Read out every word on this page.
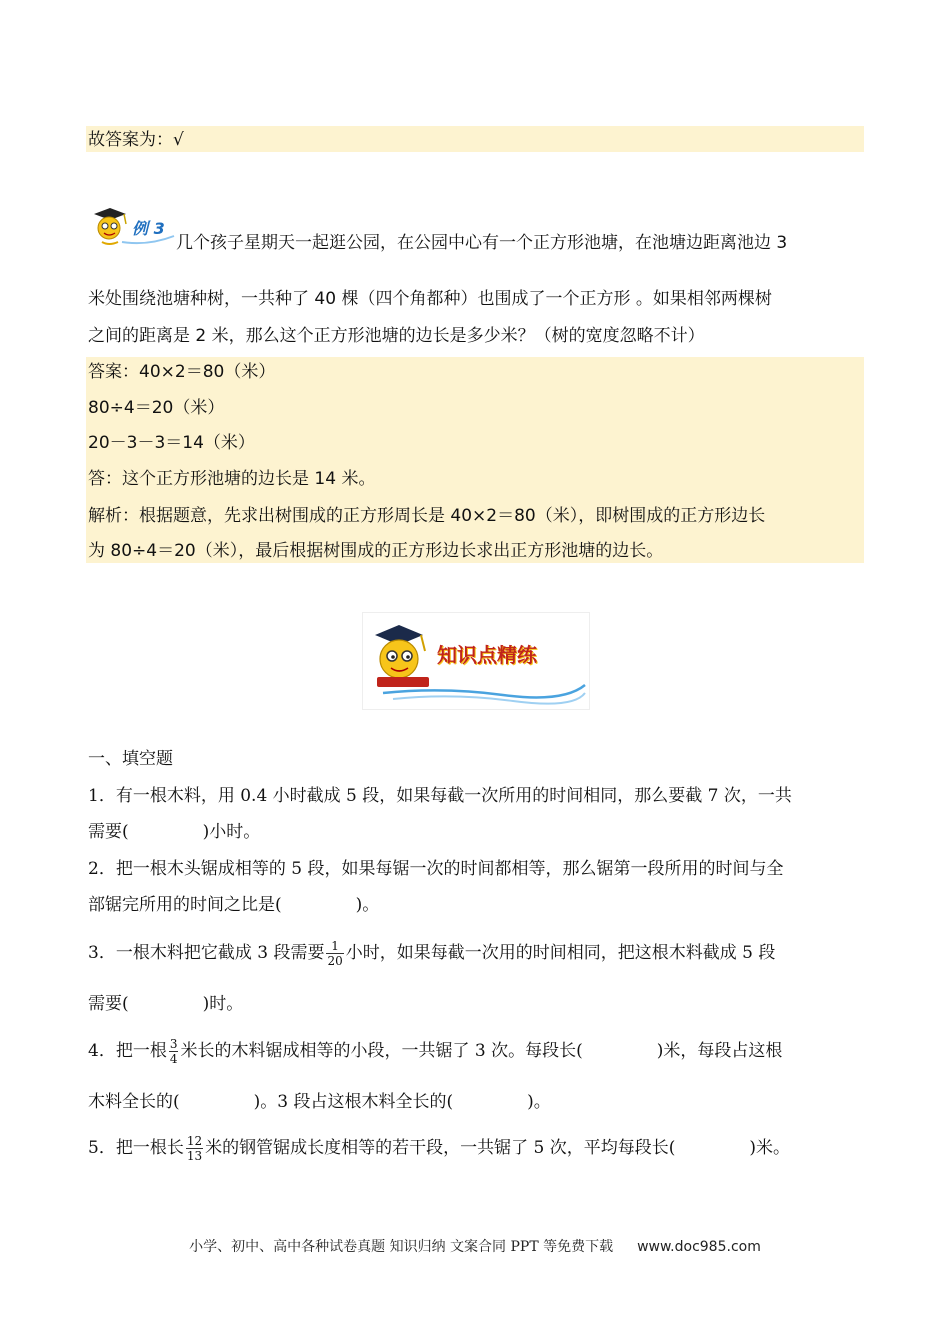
故答案为：√
例 3
几个孩子星期天一起逛公园，在公园中心有一个正方形池塘，在池塘边距离池边 3
米处围绕池塘种树，一共种了 40 棵（四个角都种）也围成了一个正方形 。如果相邻两棵树
之间的距离是 2 米，那么这个正方形池塘的边长是多少米？（树的宽度忽略不计）
答案：40×2＝80（米）
80÷4＝20（米）
20－3－3＝14（米）
答：这个正方形池塘的边长是 14 米。
解析：根据题意，先求出树围成的正方形周长是 40×2＝80（米），即树围成的正方形边长
为 80÷4＝20（米），最后根据树围成的正方形边长求出正方形池塘的边长。
知识点精练
一、填空题
1．有一根木料，用 0.4 小时截成 5 段，如果每截一次所用的时间相同，那么要截 7 次，一共
需要(	)小时。
2．把一根木头锯成相等的 5 段，如果每锯一次的时间都相等，那么锯第一段所用的时间与全
部锯完所用的时间之比是(	)。
3．一根木料把它截成 3 段需要 $\frac{1}{20}$ 小时，如果每截一次用的时间相同，把这根木料截成 5 段
需要(	)时。
4．把一根 $\frac{3}{4}$ 米长的木料锯成相等的小段，一共锯了 3 次。每段长(	)米，每段占这根
木料全长的(	)。3 段占这根木料全长的(	)。
5．把一根长 $\frac{12}{13}$ 米的钢管锯成长度相等的若干段，一共锯了 5 次，平均每段长(	)米。
小学、初中、高中各种试卷真题 知识归纳 文案合同 PPT 等免费下载 www.doc985.com
